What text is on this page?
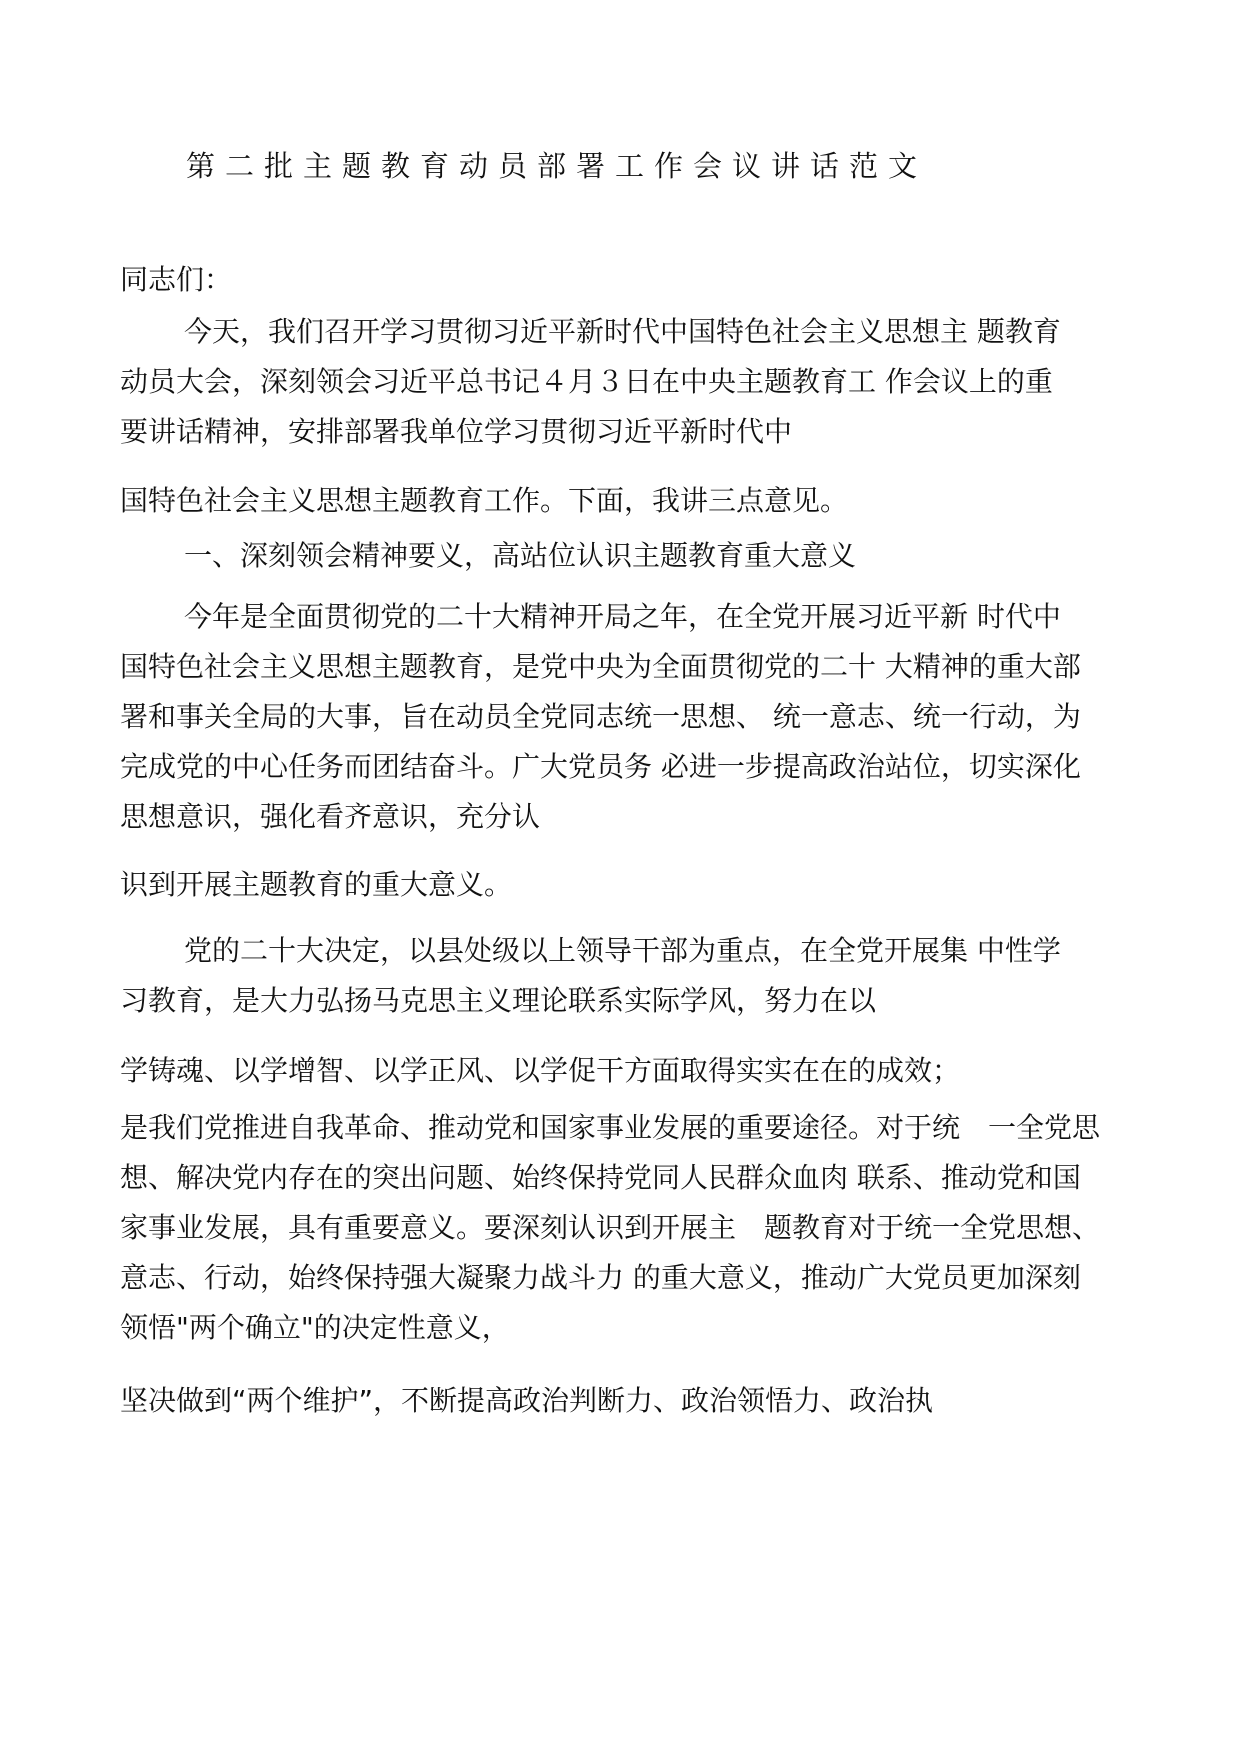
第二批主题教育动员部署工作会议讲话范文
同志们：
今天，我们召开学习贯彻习近平新时代中国特色社会主义思想主 题教育
动员大会，深刻领会习近平总书记４月３日在中央主题教育工 作会议上的重
要讲话精神，安排部署我单位学习贯彻习近平新时代中
国特色社会主义思想主题教育工作。下面，我讲三点意见。
一、深刻领会精神要义，高站位认识主题教育重大意义
今年是全面贯彻党的二十大精神开局之年，在全党开展习近平新 时代中
国特色社会主义思想主题教育，是党中央为全面贯彻党的二十 大精神的重大部
署和事关全局的大事，旨在动员全党同志统一思想、 统一意志、统一行动，为
完成党的中心任务而团结奋斗。广大党员务 必进一步提高政治站位，切实深化
思想意识，强化看齐意识，充分认
识到开展主题教育的重大意义。
党的二十大决定，以县处级以上领导干部为重点，在全党开展集 中性学
习教育，是大力弘扬马克思主义理论联系实际学风，努力在以
学铸魂、以学增智、以学正风、以学促干方面取得实实在在的成效；
是我们党推进自我革命、推动党和国家事业发展的重要途径。对于统　一全党思
想、解决党内存在的突出问题、始终保持党同人民群众血肉 联系、推动党和国
家事业发展，具有重要意义。要深刻认识到开展主　题教育对于统一全党思想、
意志、行动，始终保持强大凝聚力战斗力 的重大意义，推动广大党员更加深刻
领悟"两个确立"的决定性意义，
坚决做到“两个维护”，不断提高政治判断力、政治领悟力、政治执
